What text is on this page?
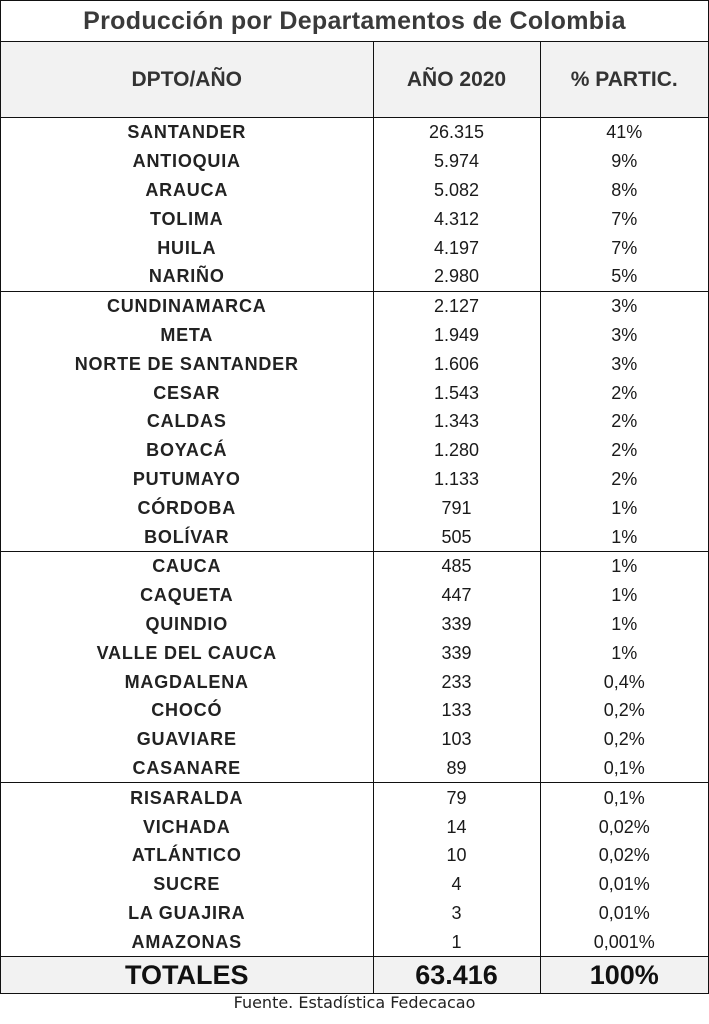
Producción por Departamentos de Colombia
DPTO/AÑO	AÑO 2020	% PARTIC.
SANTANDER	26.315	41%
ANTIOQUIA	5.974	9%
ARAUCA	5.082	8%
TOLIMA	4.312	7%
HUILA	4.197	7%
NARIÑO	2.980	5%
CUNDINAMARCA	2.127	3%
META	1.949	3%
NORTE DE SANTANDER	1.606	3%
CESAR	1.543	2%
CALDAS	1.343	2%
BOYACÁ	1.280	2%
PUTUMAYO	1.133	2%
CÓRDOBA	791	1%
BOLÍVAR	505	1%
CAUCA	485	1%
CAQUETA	447	1%
QUINDIO	339	1%
VALLE DEL CAUCA	339	1%
MAGDALENA	233	0,4%
CHOCÓ	133	0,2%
GUAVIARE	103	0,2%
CASANARE	89	0,1%
RISARALDA	79	0,1%
VICHADA	14	0,02%
ATLÁNTICO	10	0,02%
SUCRE	4	0,01%
LA GUAJIRA	3	0,01%
AMAZONAS	1	0,001%
TOTALES	63.416	100%
Fuente. Estadística Fedecacao
